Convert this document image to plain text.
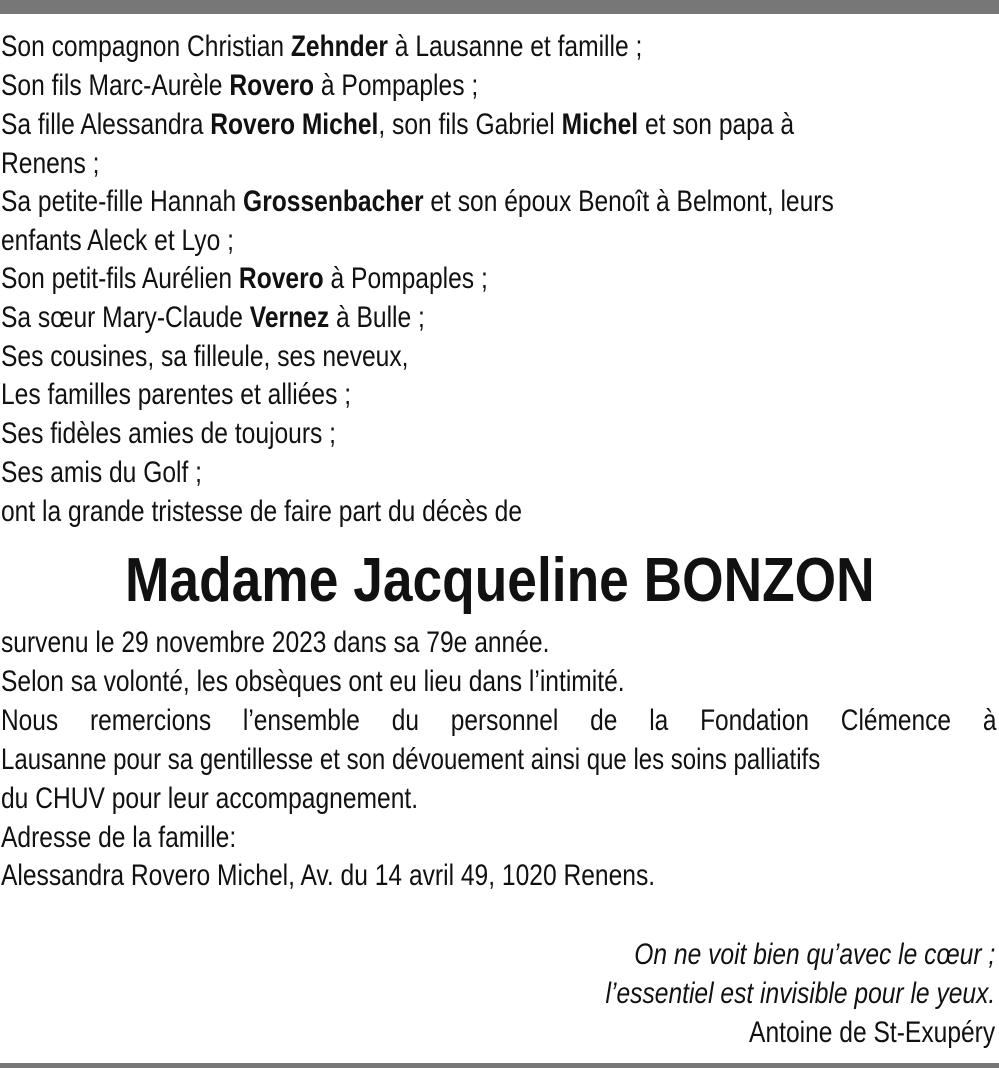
Son compagnon Christian Zehnder à Lausanne et famille ;
Son fils Marc-Aurèle Rovero à Pompaples ;
Sa fille Alessandra Rovero Michel, son fils Gabriel Michel et son papa à
Renens ;
Sa petite-fille Hannah Grossenbacher et son époux Benoît à Belmont, leurs
enfants Aleck et Lyo ;
Son petit-fils Aurélien Rovero à Pompaples ;
Sa sœur Mary-Claude Vernez à Bulle ;
Ses cousines, sa filleule, ses neveux,
Les familles parentes et alliées ;
Ses fidèles amies de toujours ;
Ses amis du Golf ;
ont la grande tristesse de faire part du décès de
Madame Jacqueline BONZON
survenu le 29 novembre 2023 dans sa 79e année.
Selon sa volonté, les obsèques ont eu lieu dans l’intimité.
Nous remercions l’ensemble du personnel de la Fondation Clémence à
Lausanne pour sa gentillesse et son dévouement ainsi que les soins palliatifs
du CHUV pour leur accompagnement.
Adresse de la famille:
Alessandra Rovero Michel, Av. du 14 avril 49, 1020 Renens.
On ne voit bien qu’avec le cœur ;
l’essentiel est invisible pour le yeux.
Antoine de St-Exupéry
